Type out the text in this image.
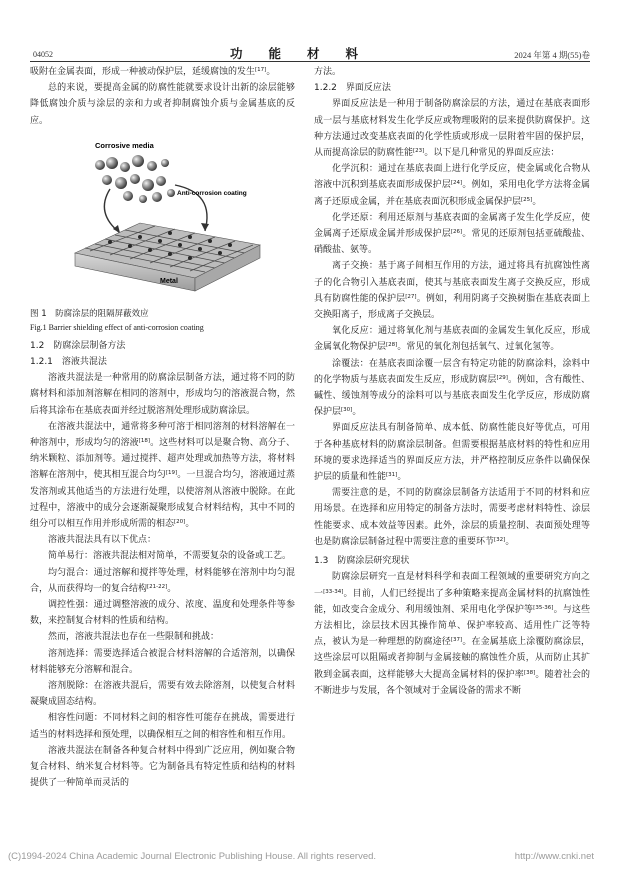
04052	功能材料	2024 年第 4 期(55)卷

吸附在金属表面，形成一种被动保护层，延缓腐蚀的发生[17]。

总的来说，要提高金属的防腐性能就要求设计出新的涂层能够降低腐蚀介质与涂层的亲和力或者抑制腐蚀介质与金属基底的反应。

Corrosive media
Anti-corrosion coating
Metal

图 1　防腐涂层的阻隔屏蔽效应

Fig.1 Barrier shielding effect of anti-corrosion coating

1.2　防腐涂层制备方法

1.2.1　溶液共混法

溶液共混法是一种常用的防腐涂层制备方法，通过将不同的防腐材料和添加剂溶解在相同的溶剂中，形成均匀的溶液混合物，然后将其涂布在基底表面并经过脱溶剂处理形成防腐涂层。

在溶液共混法中，通常将多种可溶于相同溶剂的材料溶解在一种溶剂中，形成均匀的溶液[18]。这些材料可以是聚合物、高分子、纳米颗粒、添加剂等。通过搅拌、超声处理或加热等方法，将材料溶解在溶剂中，使其相互混合均匀[19]。一旦混合均匀，溶液通过蒸发溶剂或其他适当的方法进行处理，以使溶剂从溶液中脱除。在此过程中，溶液中的成分会逐渐凝聚形成复合材料结构，其中不同的组分可以相互作用并形成所需的相态[20]。

溶液共混法具有以下优点：

简单易行：溶液共混法相对简单，不需要复杂的设备或工艺。

均匀混合：通过溶解和搅拌等处理，材料能够在溶剂中均匀混合，从而获得均一的复合结构[21-22]。

调控性强：通过调整溶液的成分、浓度、温度和处理条件等参数，来控制复合材料的性质和结构。

然而，溶液共混法也存在一些限制和挑战：

溶剂选择：需要选择适合被混合材料溶解的合适溶剂，以确保材料能够充分溶解和混合。

溶剂脱除：在溶液共混后，需要有效去除溶剂，以使复合材料凝聚成固态结构。

相容性问题：不同材料之间的相容性可能存在挑战，需要进行适当的材料选择和预处理，以确保相互之间的相容性和相互作用。

溶液共混法在制备各种复合材料中得到广泛应用，例如聚合物复合材料、纳米复合材料等。它为制备具有特定性质和结构的材料提供了一种简单而灵活的

方法。

1.2.2　界面反应法

界面反应法是一种用于制备防腐涂层的方法，通过在基底表面形成一层与基底材料发生化学反应或物理吸附的层来提供防腐保护。这种方法通过改变基底表面的化学性质或形成一层附着牢固的保护层，从而提高涂层的防腐性能[23]。以下是几种常见的界面反应法：

化学沉积：通过在基底表面上进行化学反应，使金属或化合物从溶液中沉积到基底表面形成保护层[24]。例如，采用电化学方法将金属离子还原成金属，并在基底表面沉积形成金属保护层[25]。

化学还原：利用还原剂与基底表面的金属离子发生化学反应，使金属离子还原成金属并形成保护层[26]。常见的还原剂包括亚硫酸盐、硝酸盐、氨等。

离子交换：基于离子间相互作用的方法，通过将具有抗腐蚀性离子的化合物引入基底表面，使其与基底表面发生离子交换反应，形成具有防腐性能的保护层[27]。例如，利用阴离子交换树脂在基底表面上交换阳离子，形成离子交换层。

氧化反应：通过将氧化剂与基底表面的金属发生氧化反应，形成金属氧化物保护层[28]。常见的氧化剂包括氧气、过氧化氢等。

涂覆法：在基底表面涂覆一层含有特定功能的防腐涂料，涂料中的化学物质与基底表面发生反应，形成防腐层[29]。例如，含有酸性、碱性、缓蚀剂等成分的涂料可以与基底表面发生化学反应，形成防腐保护层[30]。

界面反应法具有制备简单、成本低、防腐性能良好等优点，可用于各种基底材料的防腐涂层制备。但需要根据基底材料的特性和应用环境的要求选择适当的界面反应方法，并严格控制反应条件以确保保护层的质量和性能[31]。

需要注意的是，不同的防腐涂层制备方法适用于不同的材料和应用场景。在选择和应用特定的制备方法时，需要考虑材料特性、涂层性能要求、成本效益等因素。此外，涂层的质量控制、表面预处理等也是防腐涂层制备过程中需要注意的重要环节[32]。

1.3　防腐涂层研究现状

防腐涂层研究一直是材料科学和表面工程领域的重要研究方向之一[33-34]。目前，人们已经提出了多种策略来提高金属材料的抗腐蚀性能，如改变合金成分、利用缓蚀剂、采用电化学保护等[35-36]。与这些方法相比，涂层技术因其操作简单、保护率较高、适用性广泛等特点，被认为是一种理想的防腐途径[37]。在金属基底上涂覆防腐涂层，这些涂层可以阻隔或者抑制与金属接触的腐蚀性介质，从而防止其扩散到金属表面，这样能够大大提高金属材料的保护率[38]。随着社会的不断进步与发展，各个领域对于金属设备的需求不断

(C)1994-2024 China Academic Journal Electronic Publishing House. All rights reserved.	http://www.cnki.net
